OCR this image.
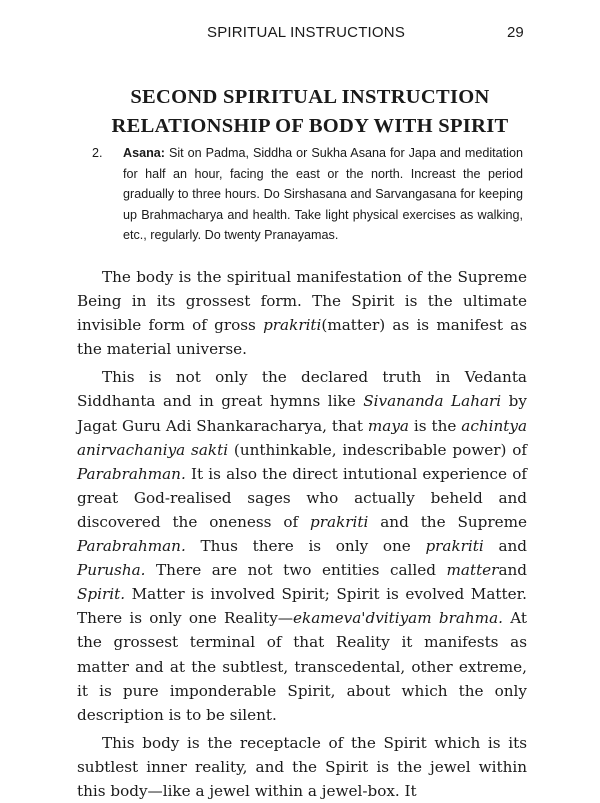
SPIRITUAL INSTRUCTIONS	29
SECOND SPIRITUAL INSTRUCTION
RELATIONSHIP OF BODY WITH SPIRIT
2. Asana: Sit on Padma, Siddha or Sukha Asana for Japa and meditation for half an hour, facing the east or the north. Increast the period gradually to three hours. Do Sirshasana and Sarvangasana for keeping up Brahmacharya and health. Take light physical exercises as walking, etc., regularly. Do twenty Pranayamas.

The body is the spiritual manifestation of the Supreme Being in its grossest form. The Spirit is the ultimate invisible form of gross prakriti(matter) as is manifest as the material universe.

This is not only the declared truth in Vedanta Siddhanta and in great hymns like Sivananda Lahari by Jagat Guru Adi Shankaracharya, that maya is the achintya anirvachaniya sakti (unthinkable, indescribable power) of Parabrahman. It is also the direct intutional experience of great God-realised sages who actually beheld and discovered the oneness of prakriti and the Supreme Parabrahman. Thus there is only one prakriti and Purusha. There are not two entities called matterand Spirit. Matter is involved Spirit; Spirit is evolved Matter. There is only one Reality—ekameva'dvitiyam brahma. At the grossest terminal of that Reality it manifests as matter and at the subtlest, transcedental, other extreme, it is pure imponderable Spirit, about which the only description is to be silent.

This body is the receptacle of the Spirit which is its subtlest inner reality, and the Spirit is the jewel within this body—like a jewel within a jewel-box. It
